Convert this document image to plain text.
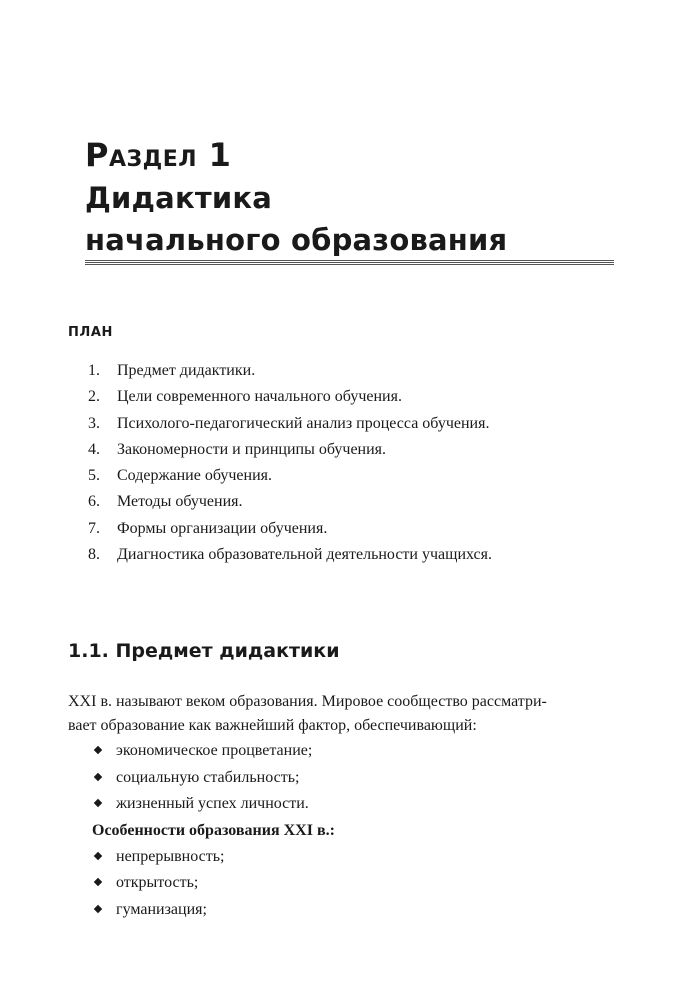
Раздел 1
Дидактика
начального образования
ПЛАН
1. Предмет дидактики.
2. Цели современного начального обучения.
3. Психолого-педагогический анализ процесса обучения.
4. Закономерности и принципы обучения.
5. Содержание обучения.
6. Методы обучения.
7. Формы организации обучения.
8. Диагностика образовательной деятельности учащихся.
1.1. Предмет дидактики
XXI в. называют веком образования. Мировое сообщество рассматри-
вает образование как важнейший фактор, обеспечивающий:
экономическое процветание;
социальную стабильность;
жизненный успех личности.
Особенности образования XXI в.:
непрерывность;
открытость;
гуманизация;
